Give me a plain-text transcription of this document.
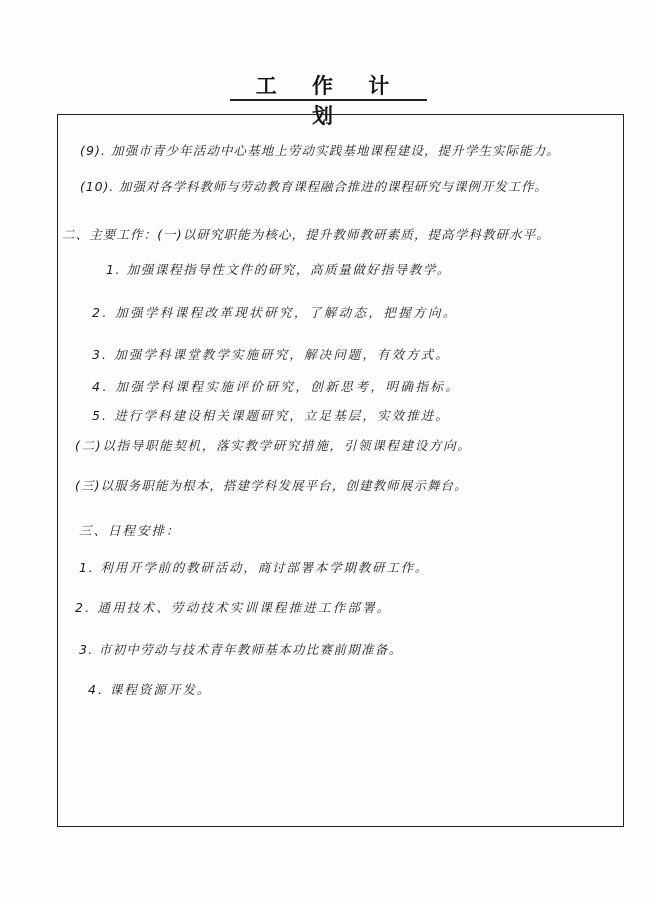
工 作 计 划
(9). 加强市青少年活动中心基地上劳动实践基地课程建设，提升学生实际能力。
(10). 加强对各学科教师与劳动教育课程融合推进的课程研究与课例开发工作。
二、主要工作：(一)以研究职能为核心，提升教师教研素质，提高学科教研水平。
1. 加强课程指导性文件的研究，高质量做好指导教学。
2. 加强学科课程改革现状研究，了解动态，把握方向。
3. 加强学科课堂教学实施研究，解决问题，有效方式。
4. 加强学科课程实施评价研究，创新思考，明确指标。
5. 进行学科建设相关课题研究，立足基层，实效推进。
(二)以指导职能契机，落实教学研究措施，引领课程建设方向。
(三)以服务职能为根本，搭建学科发展平台，创建教师展示舞台。
三、日程安排：
1. 利用开学前的教研活动，商讨部署本学期教研工作。
2. 通用技术、劳动技术实训课程推进工作部署。
3. 市初中劳动与技术青年教师基本功比赛前期准备。
4. 课程资源开发。
